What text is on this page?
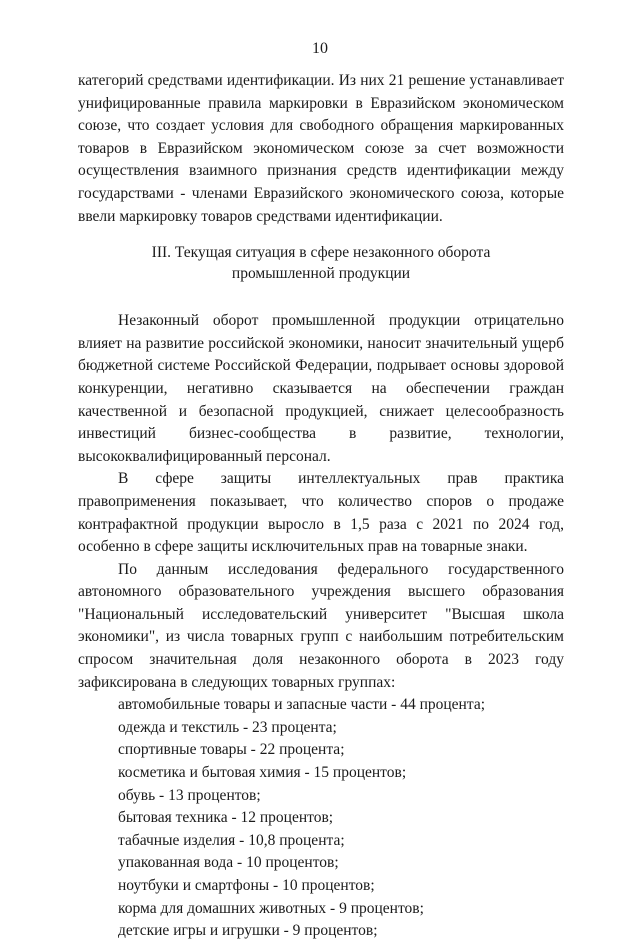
10

категорий средствами идентификации. Из них 21 решение устанавливает унифицированные правила маркировки в Евразийском экономическом союзе, что создает условия для свободного обращения маркированных товаров в Евразийском экономическом союзе за счет возможности осуществления взаимного признания средств идентификации между государствами - членами Евразийского экономического союза, которые ввели маркировку товаров средствами идентификации.

III. Текущая ситуация в сфере незаконного оборота
промышленной продукции

Незаконный оборот промышленной продукции отрицательно влияет на развитие российской экономики, наносит значительный ущерб бюджетной системе Российской Федерации, подрывает основы здоровой конкуренции, негативно сказывается на обеспечении граждан качественной и безопасной продукцией, снижает целесообразность инвестиций бизнес-сообщества в развитие, технологии, высококвалифицированный персонал.

В сфере защиты интеллектуальных прав практика правоприменения показывает, что количество споров о продаже контрафактной продукции выросло в 1,5 раза с 2021 по 2024 год, особенно в сфере защиты исключительных прав на товарные знаки.

По данным исследования федерального государственного автономного образовательного учреждения высшего образования "Национальный исследовательский университет "Высшая школа экономики", из числа товарных групп с наибольшим потребительским спросом значительная доля незаконного оборота в 2023 году зафиксирована в следующих товарных группах:

автомобильные товары и запасные части - 44 процента;
одежда и текстиль - 23 процента;
спортивные товары - 22 процента;
косметика и бытовая химия - 15 процентов;
обувь - 13 процентов;
бытовая техника - 12 процентов;
табачные изделия - 10,8 процента;
упакованная вода - 10 процентов;
ноутбуки и смартфоны - 10 процентов;
корма для домашних животных - 9 процентов;
детские игры и игрушки - 9 процентов;
